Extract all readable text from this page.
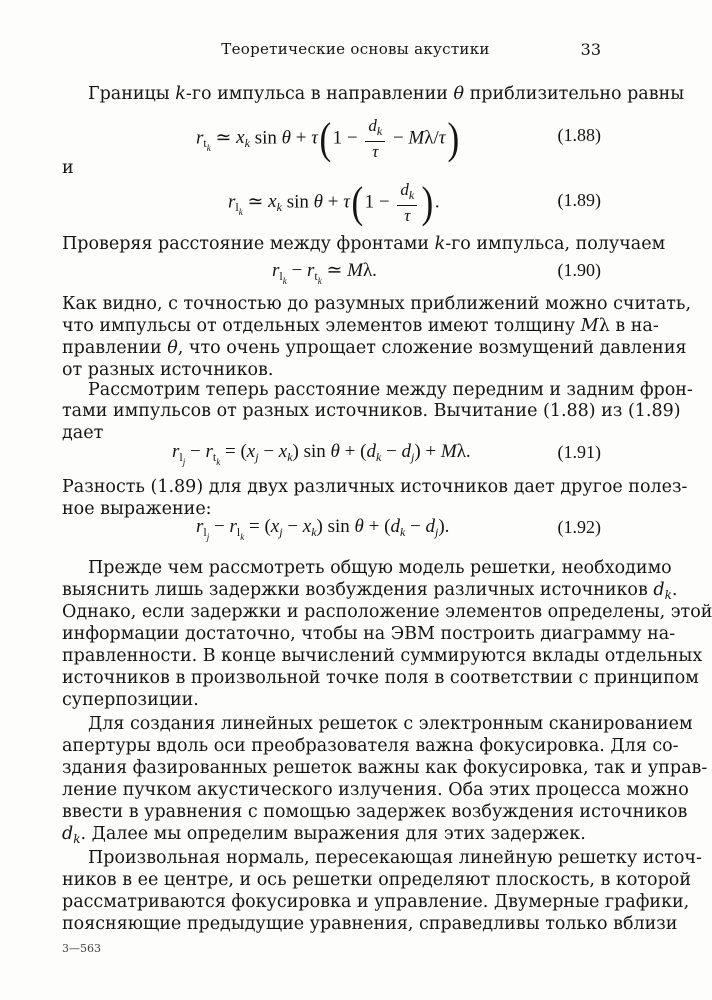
Теоретические основы акустики	33
Границы k-го импульса в направлении θ приблизительно равны
$r_{t_k}$ ≃ $x_k$ $\sin \theta + \tau(1 - \frac{d_k}{\tau} - M\lambda/\tau)$	(1.88)
и
$r_{l_k}$ ≃ $x_k$ $\sin \theta + \tau(1 - \frac{d_k}{\tau}$ ).	(1.89)
Проверяя расстояние между фронтами k-го импульса, получаем
$r_{l_k} - r_{t_k}$ ≃ Mλ.	(1.90)
Как видно, с точностью до разумных приближений можно считать,
что импульсы от отдельных элементов имеют толщину Mλ в на-
правлении θ, что очень упрощает сложение возмущений давления
от разных источников.
Рассмотрим теперь расстояние между передним и задним фрон-
тами импульсов от разных источников. Вычитание (1.88) из (1.89)
дает
$r_{l_j} - r_{t_k} = (x_j - x_k)$ $\sin \theta + (d_k - d_j) + M\lambda$.	(1.91)
Разность (1.89) для двух различных источников дает другое полез-
ное выражение:
$r_{l_j} - r_{l_k} = (x_j - x_k)$ $\sin \theta + (d_k - d_j)$.	(1.92)
Прежде чем рассмотреть общую модель решетки, необходимо
выяснить лишь задержки возбуждения различных источников $d_k$.
Однако, если задержки и расположение элементов определены, этой
информации достаточно, чтобы на ЭВМ построить диаграмму на-
правленности. В конце вычислений суммируются вклады отдельных
источников в произвольной точке поля в соответствии с принципом
суперпозиции.
Для создания линейных решеток с электронным сканированием
апертуры вдоль оси преобразователя важна фокусировка. Для со-
здания фазированных решеток важны как фокусировка, так и управ-
ление пучком акустического излучения. Оба этих процесса можно
ввести в уравнения с помощью задержек возбуждения источников
$d_k$. Далее мы определим выражения для этих задержек.
Произвольная нормаль, пересекающая линейную решетку источ-
ников в ее центре, и ось решетки определяют плоскость, в которой
рассматриваются фокусировка и управление. Двумерные графики,
поясняющие предыдущие уравнения, справедливы только вблизи
3—563
